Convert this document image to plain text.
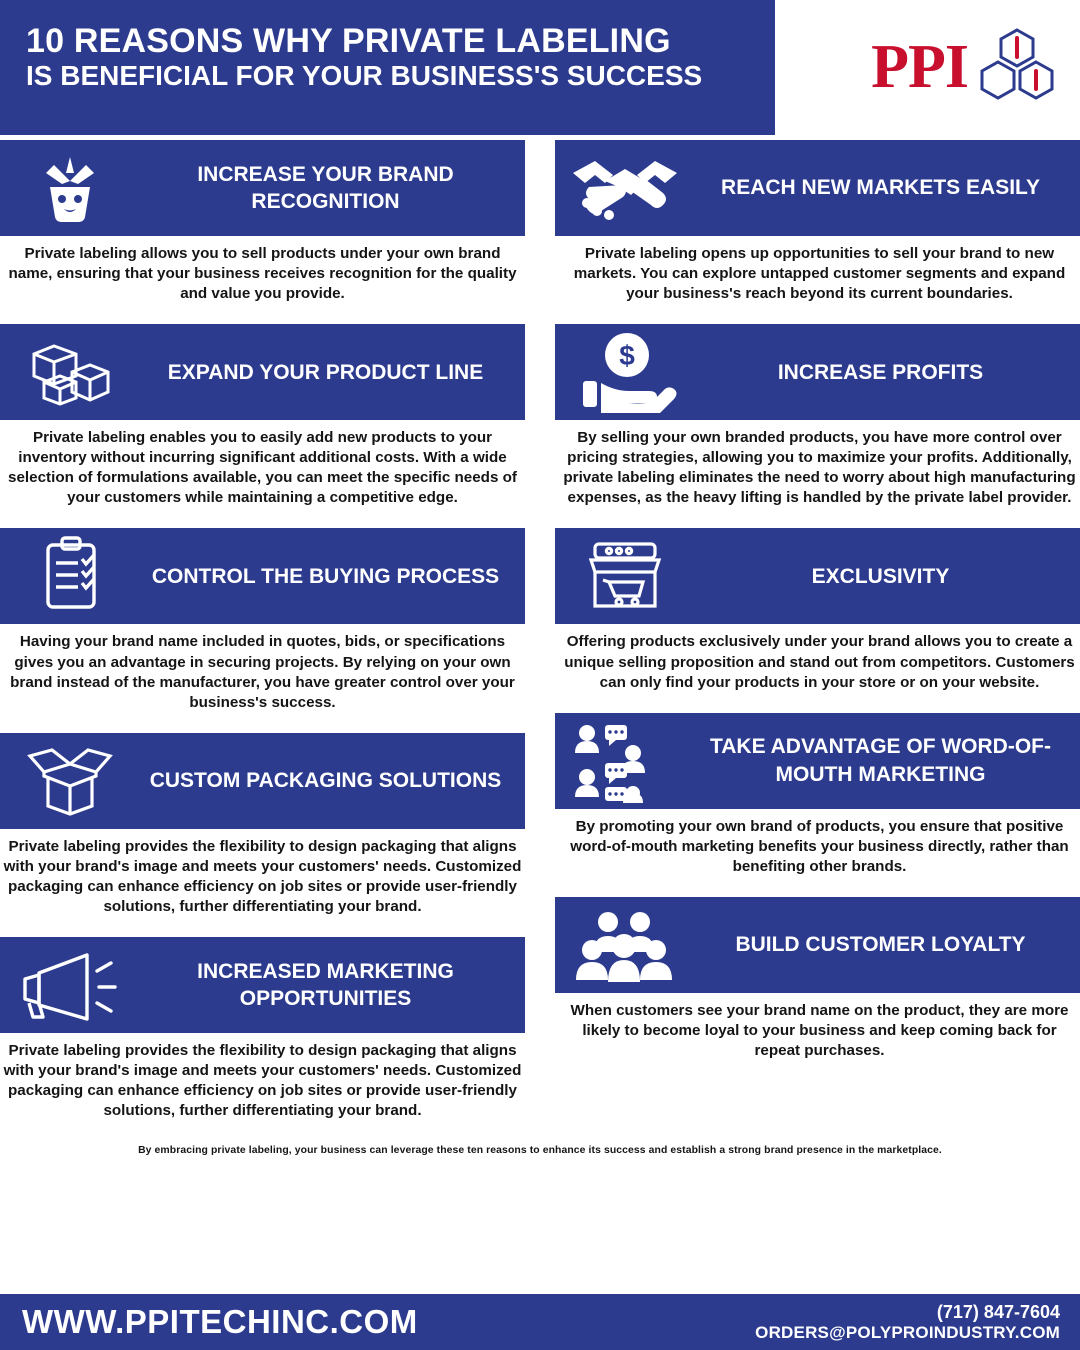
10 REASONS WHY PRIVATE LABELING
IS BENEFICIAL FOR YOUR BUSINESS'S SUCCESS	PPI
INCREASE YOUR BRAND RECOGNITION
Private labeling allows you to sell products under your own brand name, ensuring that your business receives recognition for the quality and value you provide.
EXPAND YOUR PRODUCT LINE
Private labeling enables you to easily add new products to your inventory without incurring significant additional costs. With a wide selection of formulations available, you can meet the specific needs of your customers while maintaining a competitive edge.
CONTROL THE BUYING PROCESS
Having your brand name included in quotes, bids, or specifications gives you an advantage in securing projects. By relying on your own brand instead of the manufacturer, you have greater control over your business's success.
CUSTOM PACKAGING SOLUTIONS
Private labeling provides the flexibility to design packaging that aligns with your brand's image and meets your customers' needs. Customized packaging can enhance efficiency on job sites or provide user-friendly solutions, further differentiating your brand.
INCREASED MARKETING OPPORTUNITIES
Private labeling provides the flexibility to design packaging that aligns with your brand's image and meets your customers' needs. Customized packaging can enhance efficiency on job sites or provide user-friendly solutions, further differentiating your brand.
REACH NEW MARKETS EASILY
Private labeling opens up opportunities to sell your brand to new markets. You can explore untapped customer segments and expand your business's reach beyond its current boundaries.
$
INCREASE PROFITS
By selling your own branded products, you have more control over pricing strategies, allowing you to maximize your profits. Additionally, private labeling eliminates the need to worry about high manufacturing expenses, as the heavy lifting is handled by the private label provider.
EXCLUSIVITY
Offering products exclusively under your brand allows you to create a unique selling proposition and stand out from competitors. Customers can only find your products in your store or on your website.
TAKE ADVANTAGE OF WORD-OF-MOUTH MARKETING
By promoting your own brand of products, you ensure that positive word-of-mouth marketing benefits your business directly, rather than benefiting other brands.
BUILD CUSTOMER LOYALTY
When customers see your brand name on the product, they are more likely to become loyal to your business and keep coming back for repeat purchases.
By embracing private labeling, your business can leverage these ten reasons to enhance its success and establish a strong brand presence in the marketplace.
WWW.PPITECHINC.COM	(717) 847-7604
ORDERS@POLYPROINDUSTRY.COM
